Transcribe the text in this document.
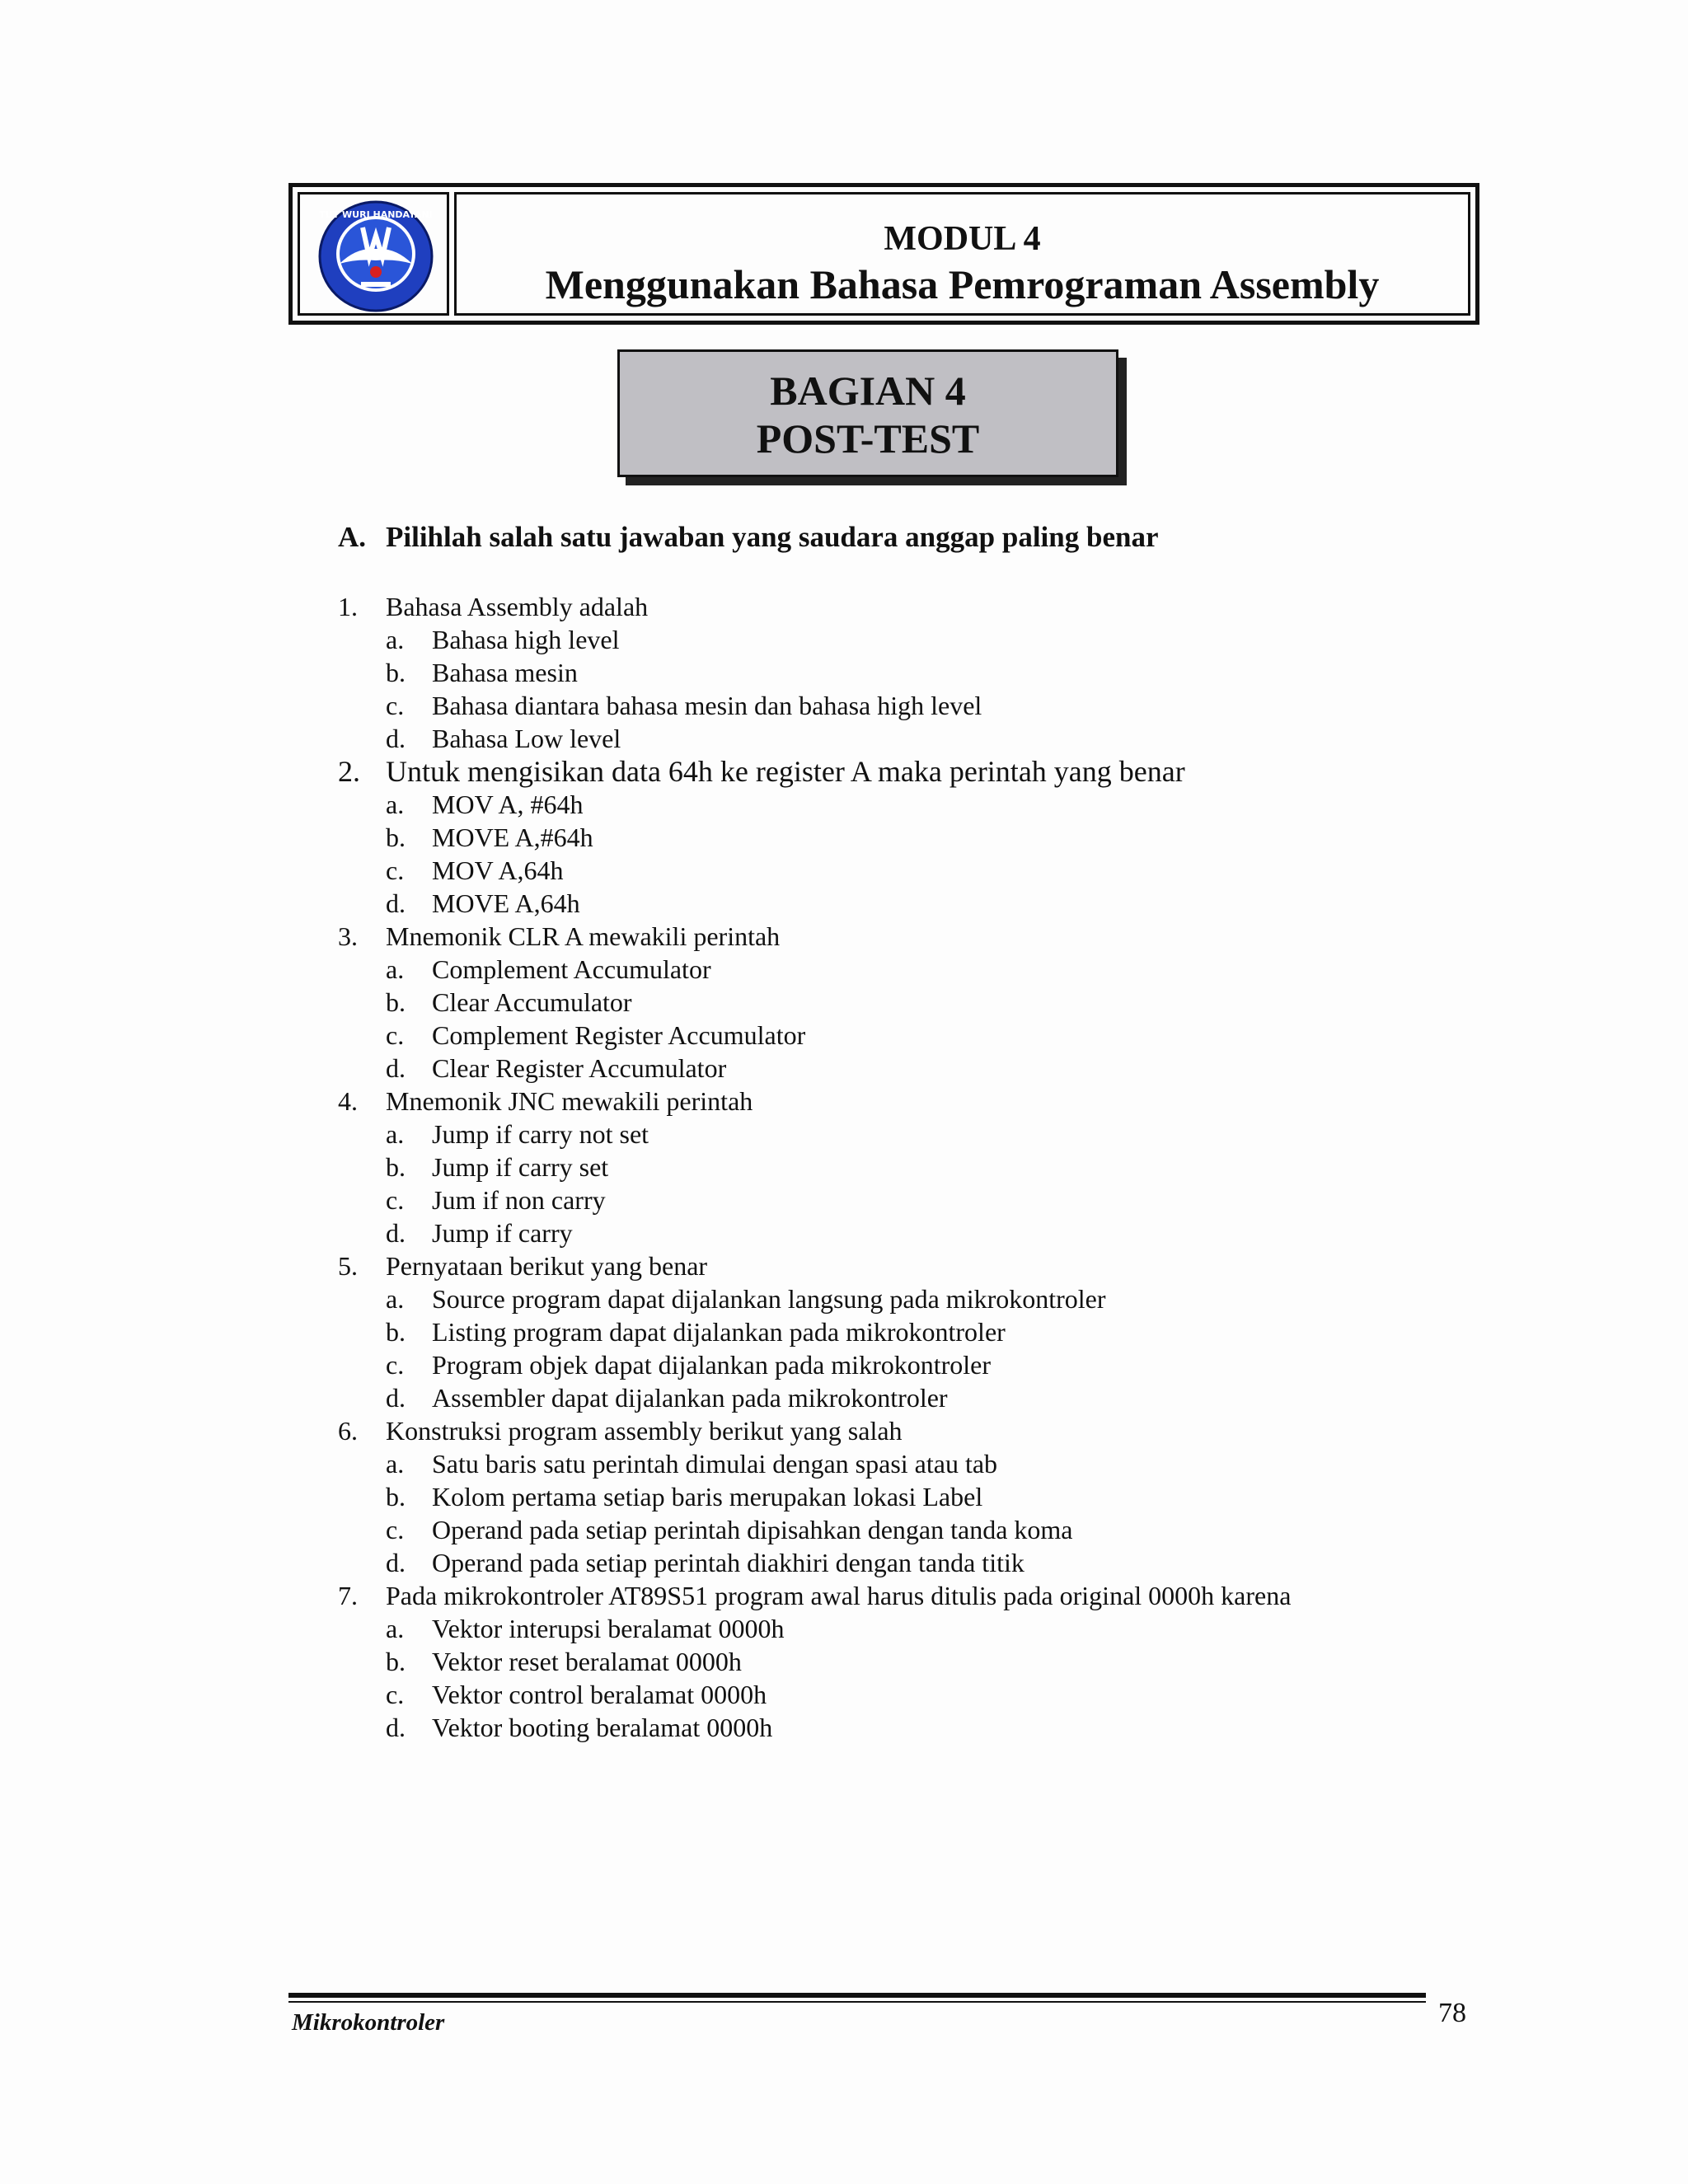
TUT WURI HANDAYANI
MODUL 4
Menggunakan Bahasa Pemrograman Assembly
BAGIAN 4
POST-TEST
A. Pilihlah salah satu jawaban yang saudara anggap paling benar
1. Bahasa Assembly adalah
a. Bahasa high level
b. Bahasa mesin
c. Bahasa diantara bahasa mesin dan bahasa high level
d. Bahasa Low level
2. Untuk mengisikan data 64h ke register A maka perintah yang benar
a. MOV A, #64h
b. MOVE A,#64h
c. MOV A,64h
d. MOVE A,64h
3. Mnemonik CLR A mewakili perintah
a. Complement Accumulator
b. Clear Accumulator
c. Complement Register Accumulator
d. Clear Register Accumulator
4. Mnemonik JNC mewakili perintah
a. Jump if carry not set
b. Jump if carry set
c. Jum if non carry
d. Jump if carry
5. Pernyataan berikut yang benar
a. Source program dapat dijalankan langsung pada mikrokontroler
b. Listing program dapat dijalankan pada mikrokontroler
c. Program objek dapat dijalankan pada mikrokontroler
d. Assembler dapat dijalankan pada mikrokontroler
6. Konstruksi program assembly berikut yang salah
a. Satu baris satu perintah dimulai dengan spasi atau tab
b. Kolom pertama setiap baris merupakan lokasi Label
c. Operand pada setiap perintah dipisahkan dengan tanda koma
d. Operand pada setiap perintah diakhiri dengan tanda titik
7. Pada mikrokontroler AT89S51 program awal harus ditulis pada original 0000h karena
a. Vektor interupsi beralamat 0000h
b. Vektor reset beralamat 0000h
c. Vektor control beralamat 0000h
d. Vektor booting beralamat 0000h
Mikrokontroler	78
